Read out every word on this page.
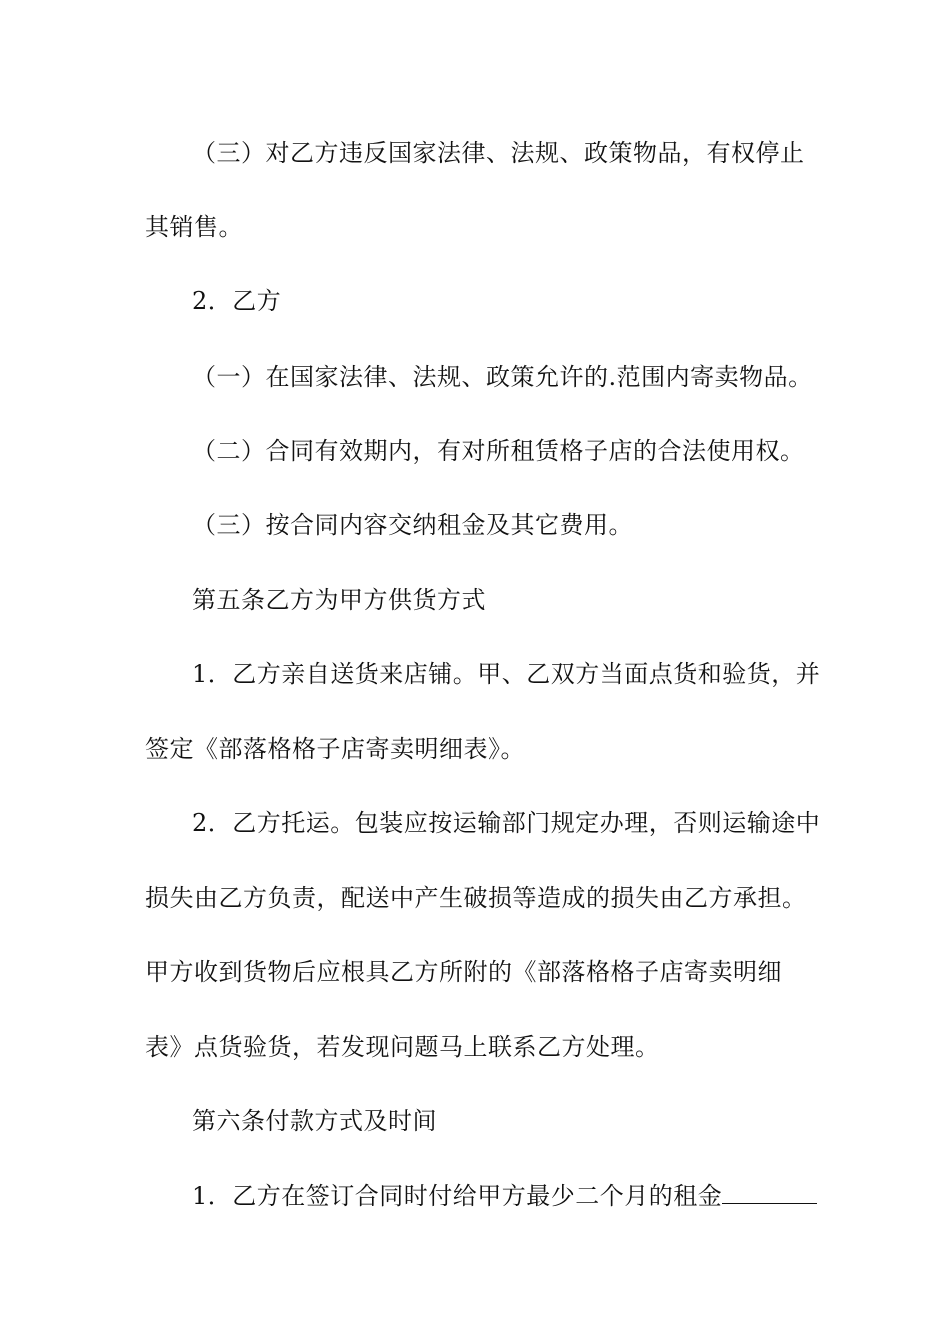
（三）对乙方违反国家法律、法规、政策物品，有权停止
其销售。
2．乙方
（一）在国家法律、法规、政策允许的.范围内寄卖物品。
（二）合同有效期内，有对所租赁格子店的合法使用权。
（三）按合同内容交纳租金及其它费用。
第五条乙方为甲方供货方式
1．乙方亲自送货来店铺。甲、乙双方当面点货和验货，并
签定《部落格格子店寄卖明细表》。
2．乙方托运。包装应按运输部门规定办理，否则运输途中
损失由乙方负责，配送中产生破损等造成的损失由乙方承担。
甲方收到货物后应根具乙方所附的《部落格格子店寄卖明细
表》点货验货，若发现问题马上联系乙方处理。
第六条付款方式及时间
1．乙方在签订合同时付给甲方最少二个月的租金
